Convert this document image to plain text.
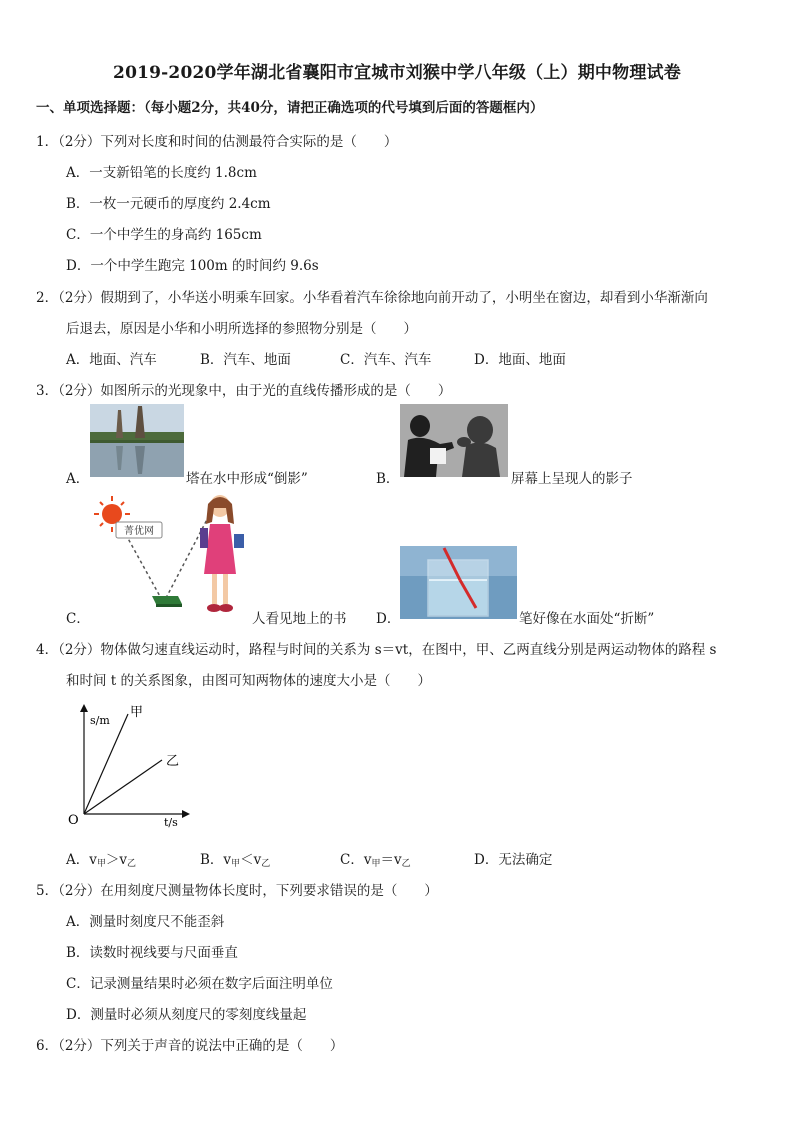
2019-2020学年湖北省襄阳市宜城市刘猴中学八年级（上）期中物理试卷
一、单项选择题：（每小题2分，共40分，请把正确选项的代号填到后面的答题框内）
1．（2分）下列对长度和时间的估测最符合实际的是（　　）
A．一支新铅笔的长度约 1.8cm
B．一枚一元硬币的厚度约 2.4cm
C．一个中学生的身高约 165cm
D．一个中学生跑完 100m 的时间约 9.6s
2．（2分）假期到了，小华送小明乘车回家。小华看着汽车徐徐地向前开动了，小明坐在窗边，却看到小华渐渐向
后退去，原因是小华和小明所选择的参照物分别是（　　）
A．地面、汽车	B．汽车、地面	C．汽车、汽车	D．地面、地面
3．（2分）如图所示的光现象中，由于光的直线传播形成的是（　　）
A．	塔在水中形成“倒影”	B．	屏幕上呈现人的影子
C．
菁优网
人看见地上的书 D．	笔好像在水面处“折断”
4．（2分）物体做匀速直线运动时，路程与时间的关系为 s＝vt，在图中，甲、乙两直线分别是两运动物体的路程 s
和时间 t 的关系图象，由图可知两物体的速度大小是（　　）
s/m
t/s
O
甲
乙
A．$v_甲>v_乙$	B．$v_甲<v_乙$	C．$v_甲=v_乙$	D．无法确定
5．（2分）在用刻度尺测量物体长度时，下列要求错误的是（　　）
A．测量时刻度尺不能歪斜
B．读数时视线要与尺面垂直
C．记录测量结果时必须在数字后面注明单位
D．测量时必须从刻度尺的零刻度线量起
6．（2分）下列关于声音的说法中正确的是（　　）
